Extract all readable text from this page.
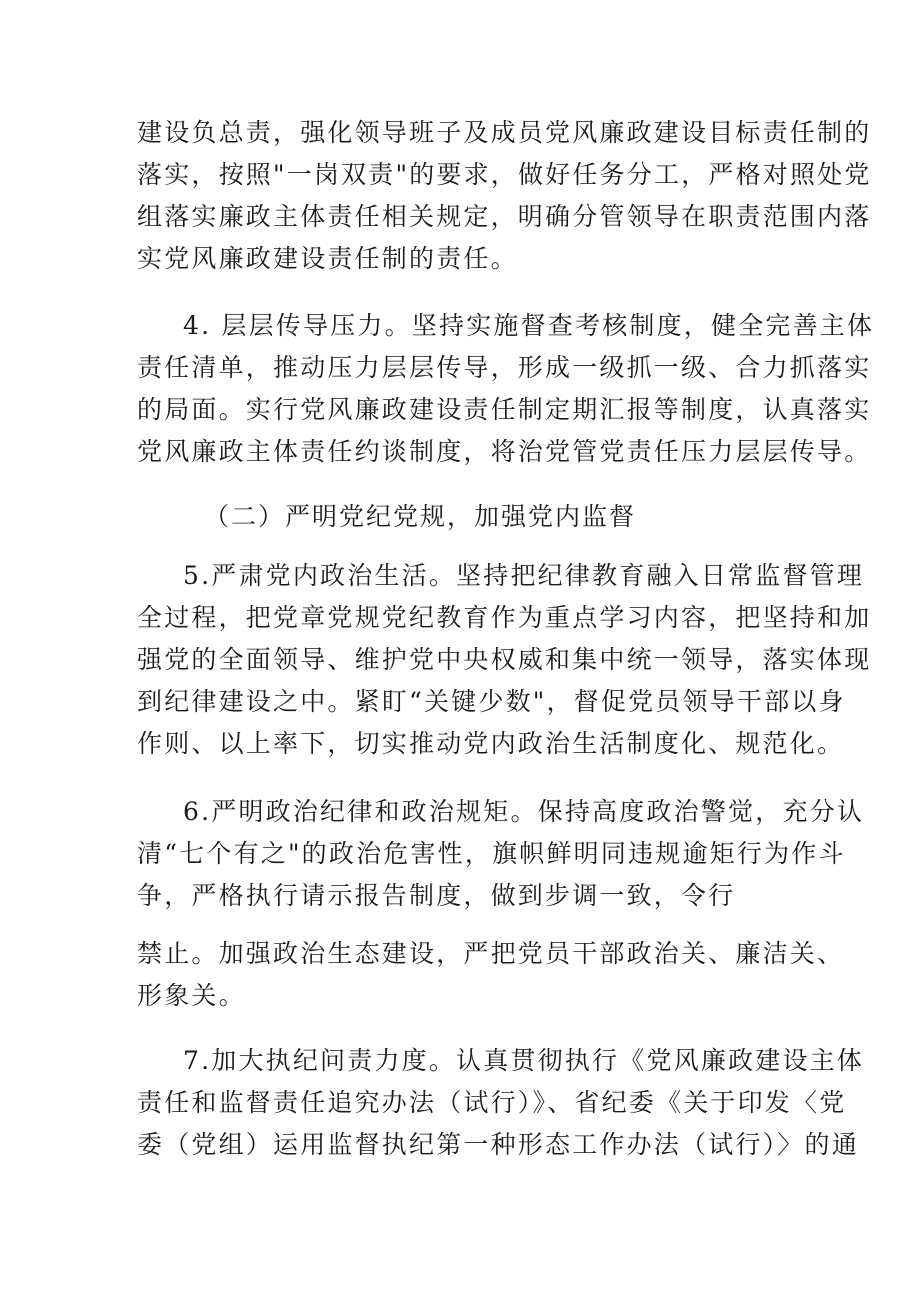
建设负总责，强化领导班子及成员党风廉政建设目标责任制的
落实，按照"一岗双责"的要求，做好任务分工，严格对照处党
组落实廉政主体责任相关规定，明确分管领导在职责范围内落
实党风廉政建设责任制的责任。
4. 层层传导压力。坚持实施督查考核制度，健全完善主体
责任清单，推动压力层层传导，形成一级抓一级、合力抓落实
的局面。实行党风廉政建设责任制定期汇报等制度，认真落实
党风廉政主体责任约谈制度，将治党管党责任压力层层传导。
（二）严明党纪党规，加强党内监督
5.严肃党内政治生活。坚持把纪律教育融入日常监督管理
全过程，把党章党规党纪教育作为重点学习内容，把坚持和加
强党的全面领导、维护党中央权威和集中统一领导，落实体现
到纪律建设之中。紧盯“关键少数"，督促党员领导干部以身
作则、以上率下，切实推动党内政治生活制度化、规范化。
6.严明政治纪律和政治规矩。保持高度政治警觉，充分认
清“七个有之"的政治危害性，旗帜鲜明同违规逾矩行为作斗
争，严格执行请示报告制度，做到步调一致，令行
禁止。加强政治生态建设，严把党员干部政治关、廉洁关、
形象关。
7.加大执纪问责力度。认真贯彻执行《党风廉政建设主体
责任和监督责任追究办法（试行）》、省纪委《关于印发〈党
委（党组）运用监督执纪第一种形态工作办法（试行）〉的通
